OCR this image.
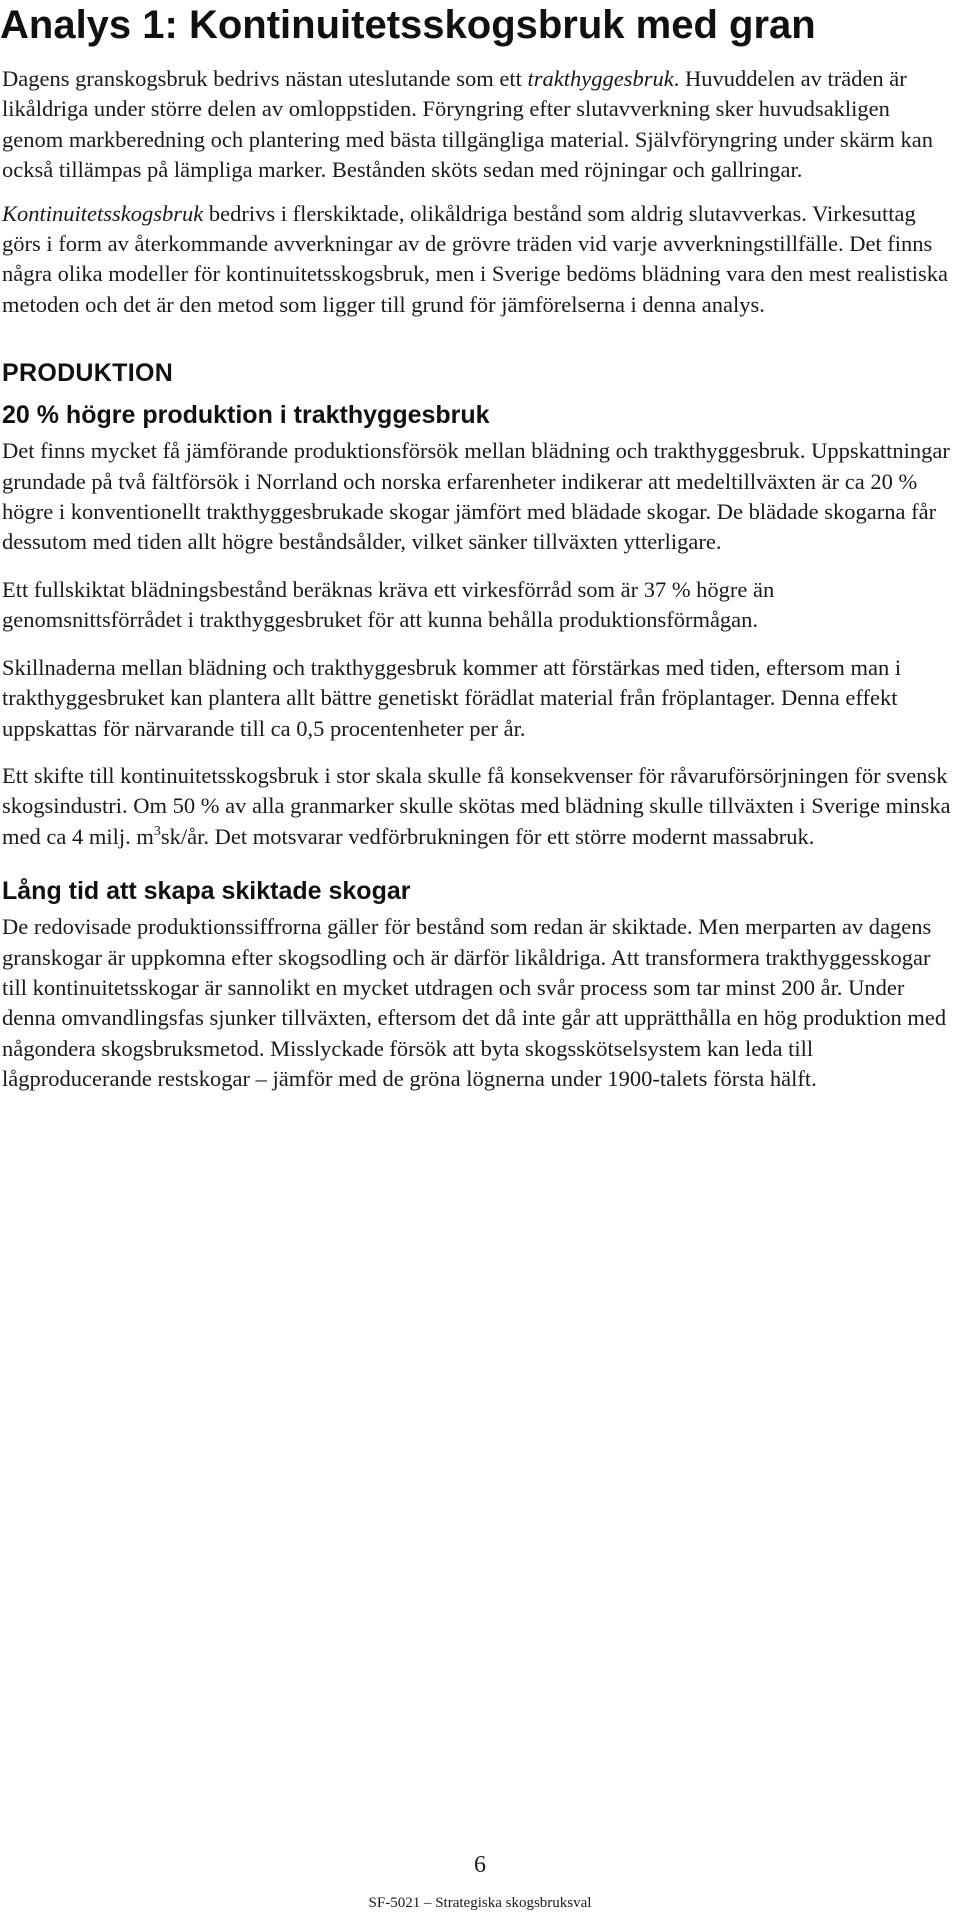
Analys 1: Kontinuitetsskogsbruk med gran

Dagens granskogsbruk bedrivs nästan uteslutande som ett trakthyggesbruk. Huvuddelen av träden är likåldriga under större delen av omloppstiden. Föryngring efter slutavverkning sker huvudsakligen genom markberedning och plantering med bästa tillgängliga material. Självföryngring under skärm kan också tillämpas på lämpliga marker. Bestånden sköts sedan med röjningar och gallringar.

Kontinuitetsskogsbruk bedrivs i flerskiktade, olikåldriga bestånd som aldrig slutavverkas. Virkesuttag görs i form av återkommande avverkningar av de grövre träden vid varje avverkningstillfälle. Det finns några olika modeller för kontinuitetsskogsbruk, men i Sverige bedöms blädning vara den mest realistiska metoden och det är den metod som ligger till grund för jämförelserna i denna analys.

PRODUKTION
20 % högre produktion i trakthyggesbruk

Det finns mycket få jämförande produktionsförsök mellan blädning och trakthyggesbruk. Uppskattningar grundade på två fältförsök i Norrland och norska erfarenheter indikerar att medeltillväxten är ca 20 % högre i konventionellt trakthyggesbrukade skogar jämfört med blädade skogar. De blädade skogarna får dessutom med tiden allt högre beståndsålder, vilket sänker tillväxten ytterligare.

Ett fullskiktat blädningsbestånd beräknas kräva ett virkesförråd som är 37 % högre än genomsnittsförrådet i trakthyggesbruket för att kunna behålla produktionsförmågan.

Skillnaderna mellan blädning och trakthyggesbruk kommer att förstärkas med tiden, eftersom man i trakthyggesbruket kan plantera allt bättre genetiskt förädlat material från fröplantager. Denna effekt uppskattas för närvarande till ca 0,5 procentenheter per år.

Ett skifte till kontinuitetsskogsbruk i stor skala skulle få konsekvenser för råvaruförsörjningen för svensk skogsindustri. Om 50 % av alla granmarker skulle skötas med blädning skulle tillväxten i Sverige minska med ca 4 milj. $m^3sk/år$. Det motsvarar vedförbrukningen för ett större modernt massabruk.

Lång tid att skapa skiktade skogar

De redovisade produktionssiffrorna gäller för bestånd som redan är skiktade. Men merparten av dagens granskogar är uppkomna efter skogsodling och är därför likåldriga. Att transformera trakthyggesskogar till kontinuitetsskogar är sannolikt en mycket utdragen och svår process som tar minst 200 år. Under denna omvandlingsfas sjunker tillväxten, eftersom det då inte går att upprätthålla en hög produktion med någondera skogsbruksmetod. Misslyckade försök att byta skogsskötselsystem kan leda till lågproducerande restskogar – jämför med de gröna lögnerna under 1900-talets första hälft.

6
SF-5021 – Strategiska skogsbruksval
